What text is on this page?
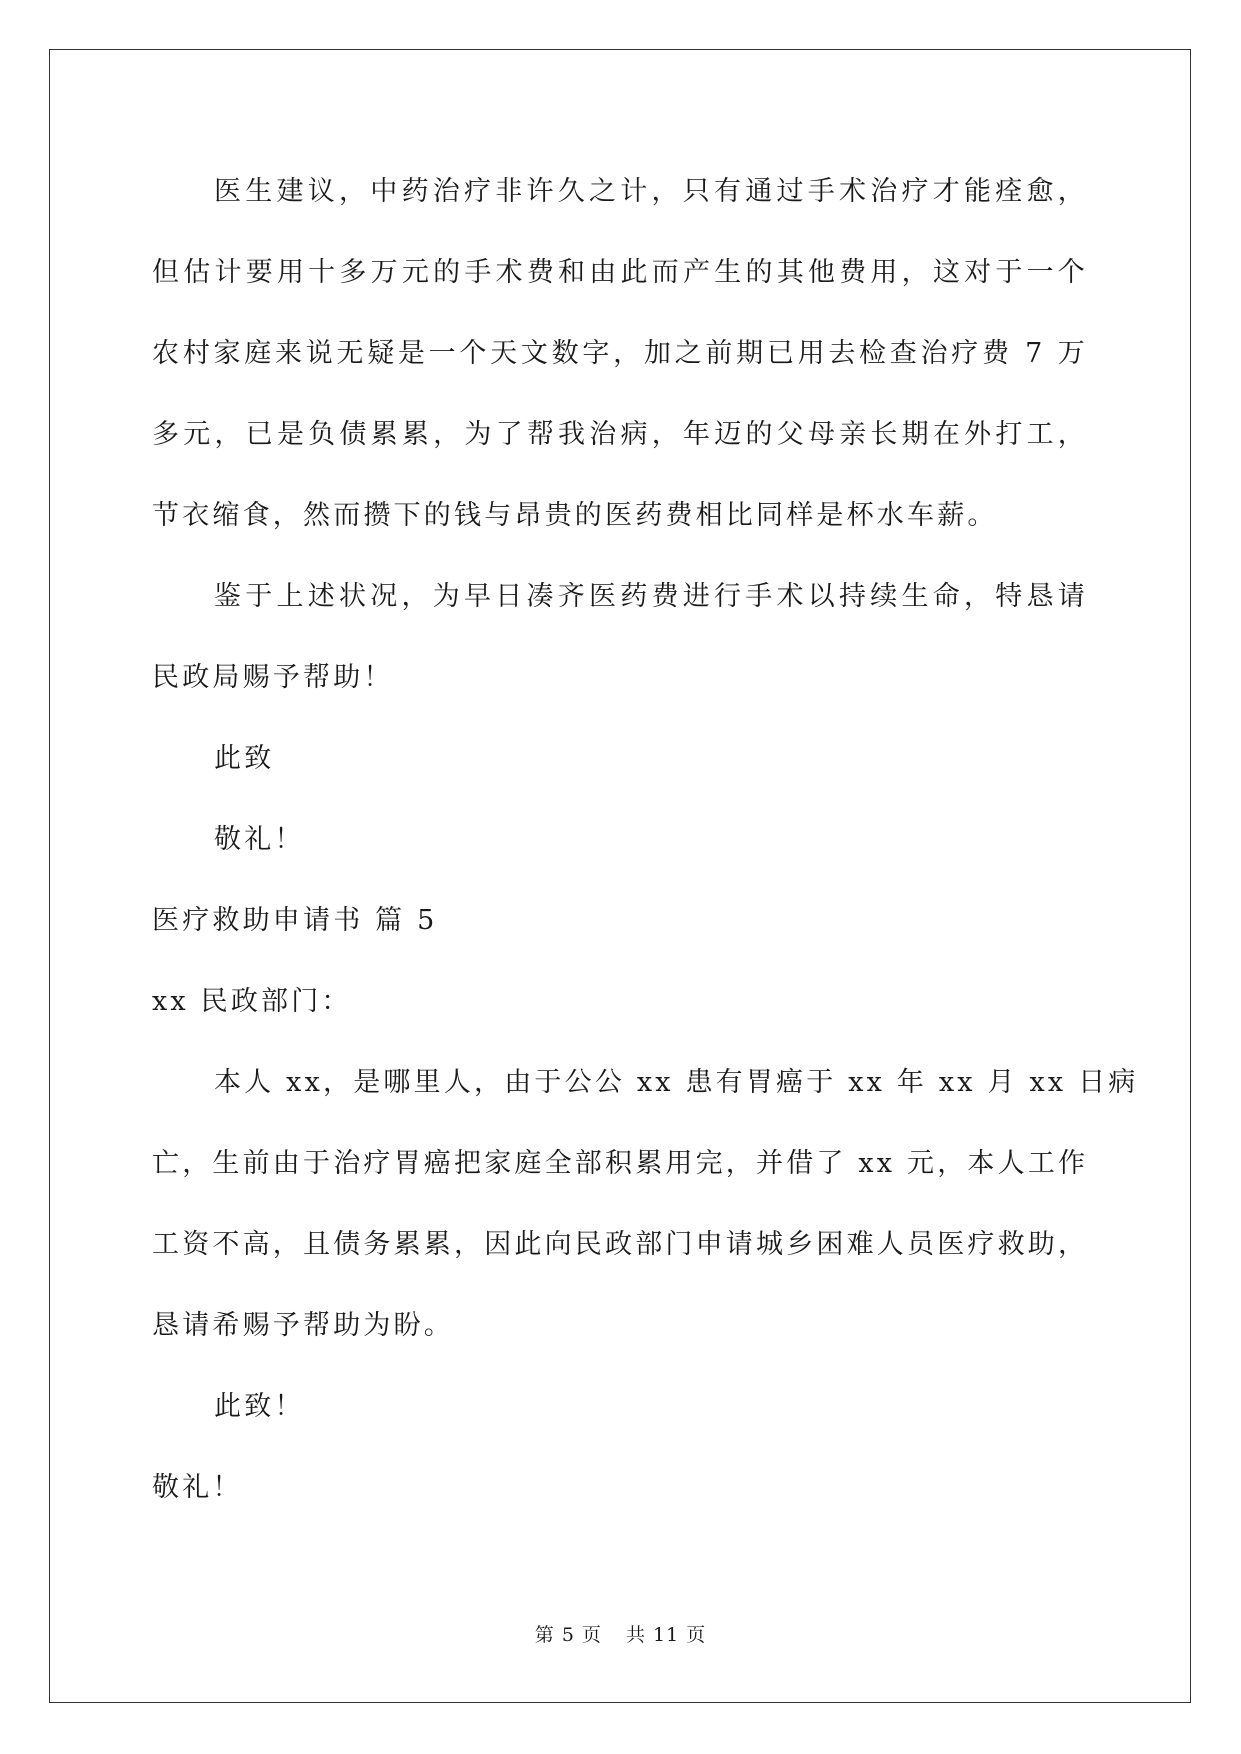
医生建议，中药治疗非许久之计，只有通过手术治疗才能痊愈，
但估计要用十多万元的手术费和由此而产生的其他费用，这对于一个
农村家庭来说无疑是一个天文数字，加之前期已用去检查治疗费 7 万
多元，已是负债累累，为了帮我治病，年迈的父母亲长期在外打工，
节衣缩食，然而攒下的钱与昂贵的医药费相比同样是杯水车薪。
鉴于上述状况，为早日凑齐医药费进行手术以持续生命，特恳请
民政局赐予帮助！
此致
敬礼！
医疗救助申请书 篇 5
xx 民政部门：
本人 xx，是哪里人，由于公公 xx 患有胃癌于 xx 年 xx 月 xx 日病
亡，生前由于治疗胃癌把家庭全部积累用完，并借了 xx 元，本人工作
工资不高，且债务累累，因此向民政部门申请城乡困难人员医疗救助，
恳请希赐予帮助为盼。
此致！
敬礼！
第 5 页 共 11 页
